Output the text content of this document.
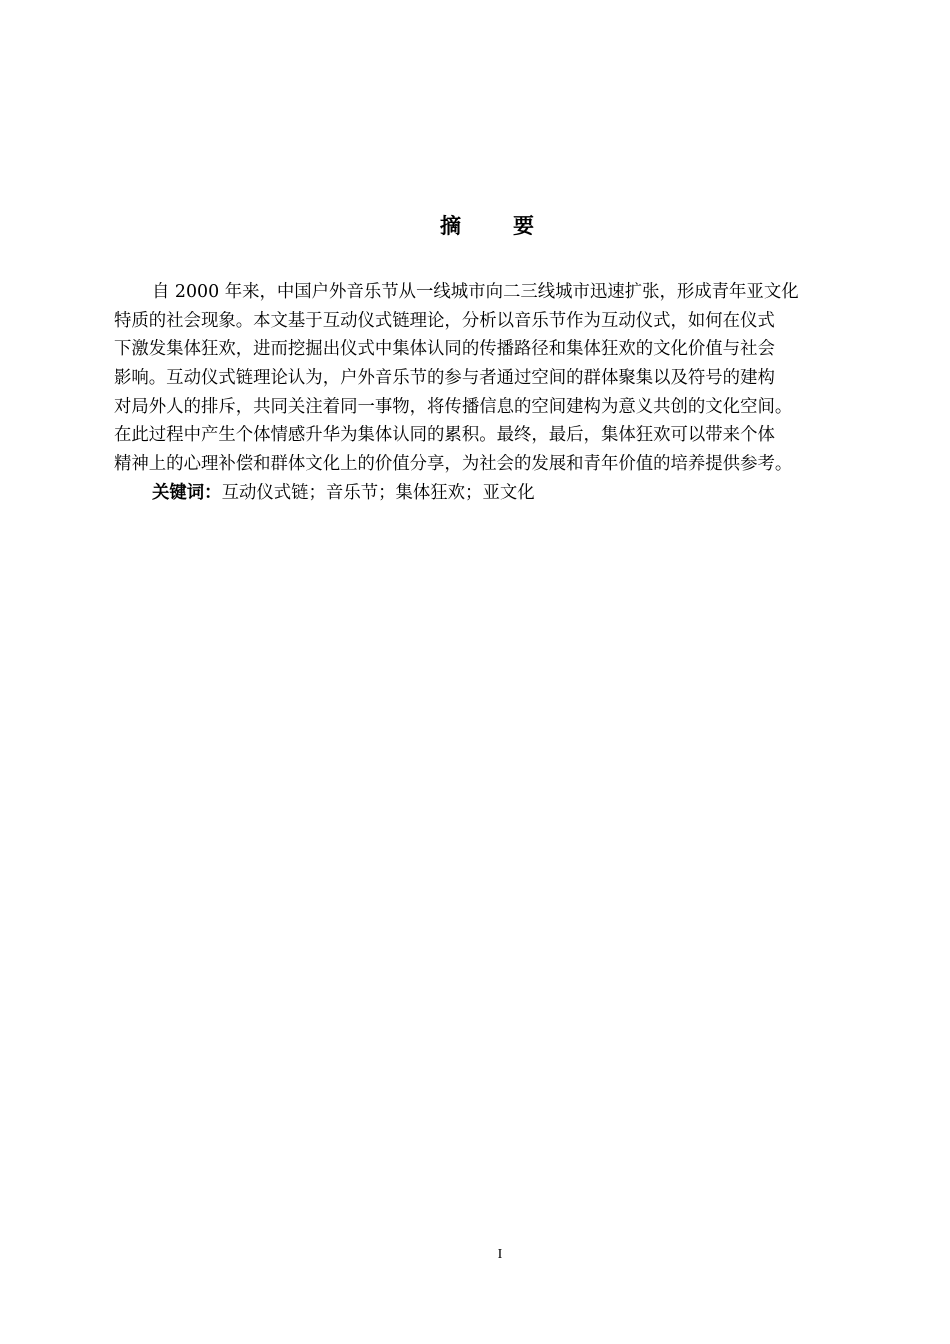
摘 要
自 2000 年来，中国户外音乐节从一线城市向二三线城市迅速扩张，形成青年亚文化
特质的社会现象。本文基于互动仪式链理论，分析以音乐节作为互动仪式，如何在仪式
下激发集体狂欢，进而挖掘出仪式中集体认同的传播路径和集体狂欢的文化价值与社会
影响。互动仪式链理论认为，户外音乐节的参与者通过空间的群体聚集以及符号的建构
对局外人的排斥，共同关注着同一事物，将传播信息的空间建构为意义共创的文化空间。
在此过程中产生个体情感升华为集体认同的累积。最终，最后，集体狂欢可以带来个体
精神上的心理补偿和群体文化上的价值分享，为社会的发展和青年价值的培养提供参考。
关键词：互动仪式链；音乐节；集体狂欢；亚文化
I
